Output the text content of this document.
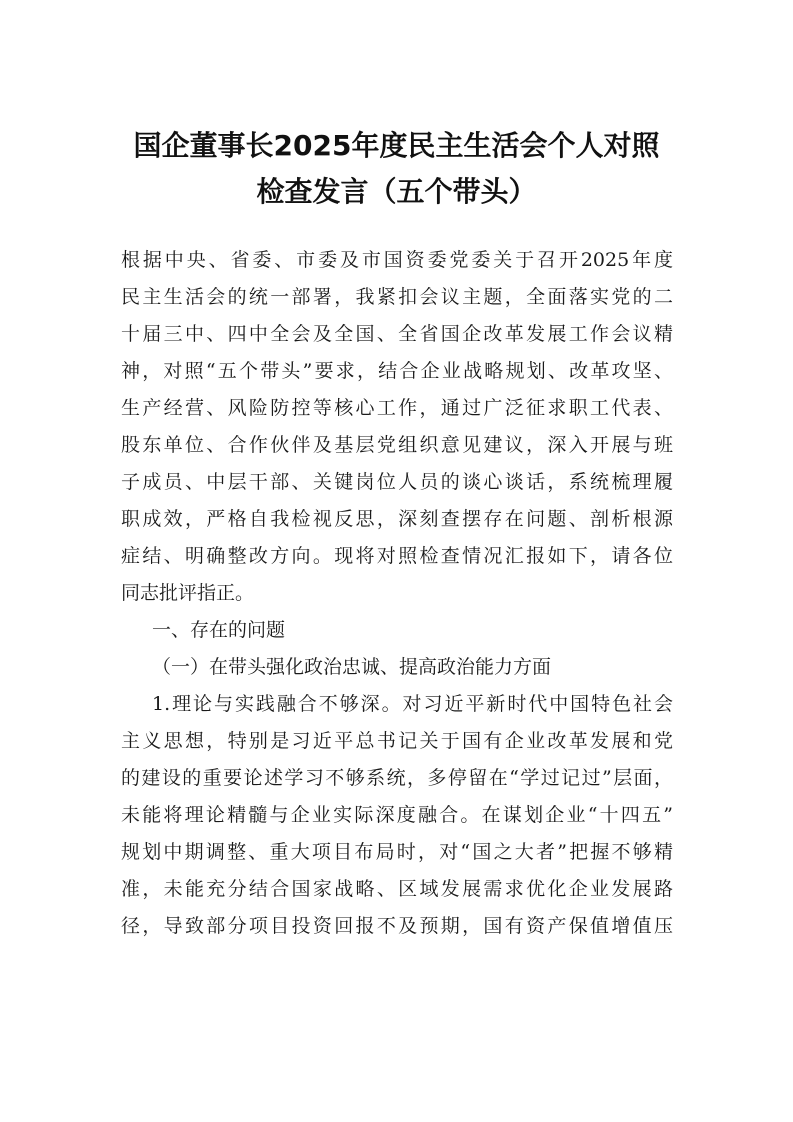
国企董事长2025年度民主生活会个人对照
检查发言（五个带头）
根据中央、省委、市委及市国资委党委关于召开2025年度
民主生活会的统一部署，我紧扣会议主题，全面落实党的二
十届三中、四中全会及全国、全省国企改革发展工作会议精
神，对照“五个带头”要求，结合企业战略规划、改革攻坚、
生产经营、风险防控等核心工作，通过广泛征求职工代表、
股东单位、合作伙伴及基层党组织意见建议，深入开展与班
子成员、中层干部、关键岗位人员的谈心谈话，系统梳理履
职成效，严格自我检视反思，深刻查摆存在问题、剖析根源
症结、明确整改方向。现将对照检查情况汇报如下，请各位
同志批评指正。
一、存在的问题
（一）在带头强化政治忠诚、提高政治能力方面
1.理论与实践融合不够深。对习近平新时代中国特色社会
主义思想，特别是习近平总书记关于国有企业改革发展和党
的建设的重要论述学习不够系统，多停留在“学过记过”层面，
未能将理论精髓与企业实际深度融合。在谋划企业“十四五”
规划中期调整、重大项目布局时，对“国之大者”把握不够精
准，未能充分结合国家战略、区域发展需求优化企业发展路
径，导致部分项目投资回报不及预期，国有资产保值增值压
